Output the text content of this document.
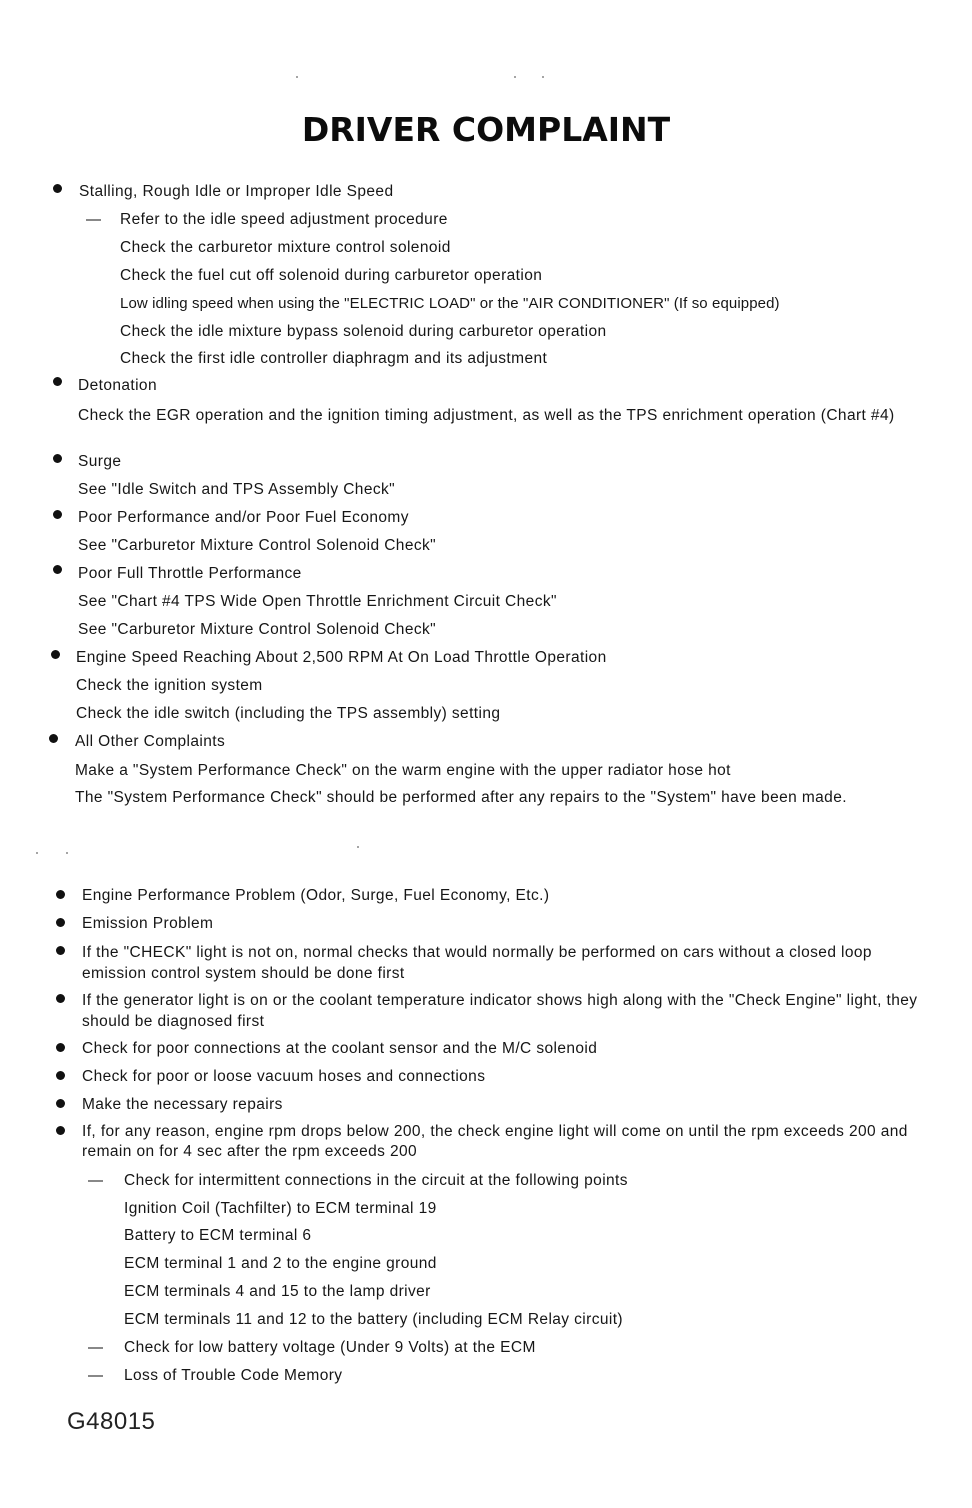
DRIVER COMPLAINT
Stalling, Rough Idle or Improper Idle Speed
— Refer to the idle speed adjustment procedure
Check the carburetor mixture control solenoid
Check the fuel cut off solenoid during carburetor operation
Low idling speed when using the "ELECTRIC LOAD" or the "AIR CONDITIONER" (If so equipped)
Check the idle mixture bypass solenoid during carburetor operation
Check the first idle controller diaphragm and its adjustment
Detonation
Check the EGR operation and the ignition timing adjustment, as well as the TPS enrichment operation (Chart #4)
Surge
See "Idle Switch and TPS Assembly Check"
Poor Performance and/or Poor Fuel Economy
See "Carburetor Mixture Control Solenoid Check"
Poor Full Throttle Performance
See "Chart #4 TPS Wide Open Throttle Enrichment Circuit Check"
See "Carburetor Mixture Control Solenoid Check"
Engine Speed Reaching About 2,500 RPM At On Load Throttle Operation
Check the ignition system
Check the idle switch (including the TPS assembly) setting
All Other Complaints
Make a "System Performance Check" on the warm engine with the upper radiator hose hot
The "System Performance Check" should be performed after any repairs to the "System" have been made.
Engine Performance Problem (Odor, Surge, Fuel Economy, Etc.)
Emission Problem
If the "CHECK" light is not on, normal checks that would normally be performed on cars without a closed loop emission control system should be done first
If the generator light is on or the coolant temperature indicator shows high along with the "Check Engine" light, they should be diagnosed first
Check for poor connections at the coolant sensor and the M/C solenoid
Check for poor or loose vacuum hoses and connections
Make the necessary repairs
If, for any reason, engine rpm drops below 200, the check engine light will come on until the rpm exceeds 200 and remain on for 4 sec after the rpm exceeds 200
— Check for intermittent connections in the circuit at the following points
Ignition Coil (Tachfilter) to ECM terminal 19
Battery to ECM terminal 6
ECM terminal 1 and 2 to the engine ground
ECM terminals 4 and 15 to the lamp driver
ECM terminals 11 and 12 to the battery (including ECM Relay circuit)
— Check for low battery voltage (Under 9 Volts) at the ECM
— Loss of Trouble Code Memory
G48015
